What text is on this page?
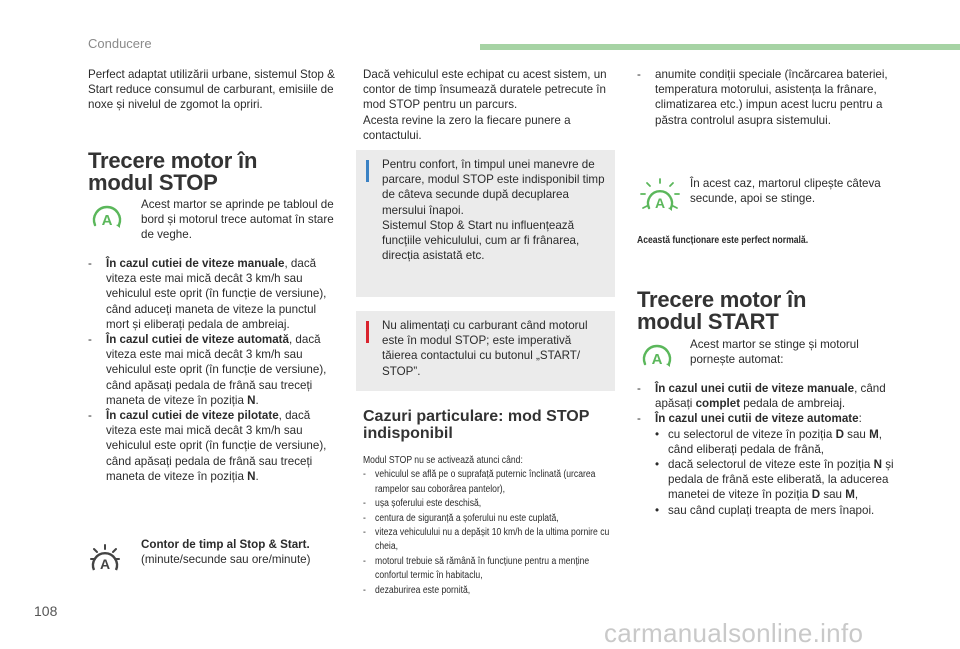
Conducere

Perfect adaptat utilizării urbane, sistemul Stop & Start reduce consumul de carburant, emisiile de noxe și nivelul de zgomot la opriri.

Trecere motor în modul STOP

A
Acest martor se aprinde pe tabloul de bord și motorul trece automat în stare de veghe.
- În cazul cutiei de viteze manuale, dacă viteza este mai mică decât 3 km/h sau vehiculul este oprit (în funcție de versiune), când aduceți maneta de viteze la punctul mort și eliberați pedala de ambreiaj.
- În cazul cutiei de viteze automată, dacă viteza este mai mică decât 3 km/h sau vehiculul este oprit (în funcție de versiune), când apăsați pedala de frână sau treceți maneta de viteze în poziția N.
- În cazul cutiei de viteze pilotate, dacă viteza este mai mică decât 3 km/h sau vehiculul este oprit (în funcție de versiune), când apăsați pedala de frână sau treceți maneta de viteze în poziția N.
A
Contor de timp al Stop & Start.
(minute/secunde sau ore/minute)

Dacă vehiculul este echipat cu acest sistem, un contor de timp însumează duratele petrecute în mod STOP pentru un parcurs.
Acesta revine la zero la fiecare punere a contactului.

Pentru confort, în timpul unei manevre de parcare, modul STOP este indisponibil timp de câteva secunde după decuplarea mersului înapoi.
Sistemul Stop & Start nu influențează funcțiile vehiculului, cum ar fi frânarea, direcția asistată etc.
Nu alimentați cu carburant când motorul este în modul STOP; este imperativă tăierea contactului cu butonul „START/ STOP”.

Cazuri particulare: mod STOP indisponibil

Modul STOP nu se activează atunci când:
- vehiculul se află pe o suprafață puternic înclinată (urcarea rampelor sau coborârea pantelor),
- ușa șoferului este deschisă,
- centura de siguranță a șoferului nu este cuplată,
- viteza vehiculului nu a depășit 10 km/h de la ultima pornire cu cheia,
- motorul trebuie să rămână în funcțiune pentru a menține confortul termic în habitaclu,
- dezaburirea este pornită,
- anumite condiții speciale (încărcarea bateriei, temperatura motorului, asistența la frânare, climatizarea etc.) impun acest lucru pentru a păstra controlul asupra sistemului.
A
În acest caz, martorul clipește câteva secunde, apoi se stinge.
Această funcționare este perfect normală.

Trecere motor în modul START

A
Acest martor se stinge și motorul pornește automat:
- În cazul unei cutii de viteze manuale, când apăsați complet pedala de ambreiaj.
- În cazul unei cutii de viteze automate:
• cu selectorul de viteze în poziția D sau M, când eliberați pedala de frână,
• dacă selectorul de viteze este în poziția N și pedala de frână este eliberată, la aducerea manetei de viteze în poziția D sau M,
• sau când cuplați treapta de mers înapoi.
108
carmanualsonline.info
